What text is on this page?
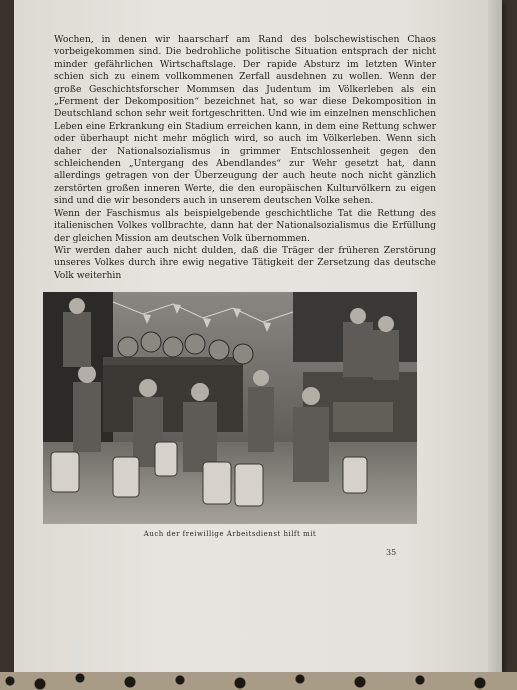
Wochen, in denen wir haarscharf am Rand des bolschewistischen Chaos vorbeigekommen sind. Die bedrohliche politische Situation entsprach der nicht minder gefährlichen Wirtschaftslage. Der rapide Absturz im letzten Winter schien sich zu einem vollkommenen Zerfall ausdehnen zu wollen. Wenn der große Geschichtsforscher Mommsen das Judentum im Völkerleben als ein „Ferment der Dekomposition“ bezeichnet hat, so war diese Dekomposition in Deutschland schon sehr weit fortgeschritten. Und wie im einzelnen menschlichen Leben eine Erkrankung ein Stadium erreichen kann, in dem eine Rettung schwer oder überhaupt nicht mehr möglich wird, so auch im Völkerleben. Wenn sich daher der Nationalsozialismus in grimmer Entschlossenheit gegen den schleichenden „Untergang des Abendlandes“ zur Wehr gesetzt hat, dann allerdings getragen von der Überzeugung der auch heute noch nicht gänzlich zerstörten großen inneren Werte, die den europäischen Kulturvölkern zu eigen sind und die wir besonders auch in unserem deutschen Volke sehen.

Wenn der Faschismus als beispielgebende geschichtliche Tat die Rettung des italienischen Volkes vollbrachte, dann hat der Nationalsozialismus die Erfüllung der gleichen Mission am deutschen Volk übernommen.

Wir werden daher auch nicht dulden, daß die Träger der früheren Zerstörung unseres Volkes durch ihre ewig negative Tätigkeit der Zersetzung das deutsche Volk weiterhin

Auch der freiwillige Arbeitsdienst hilft mit
35
